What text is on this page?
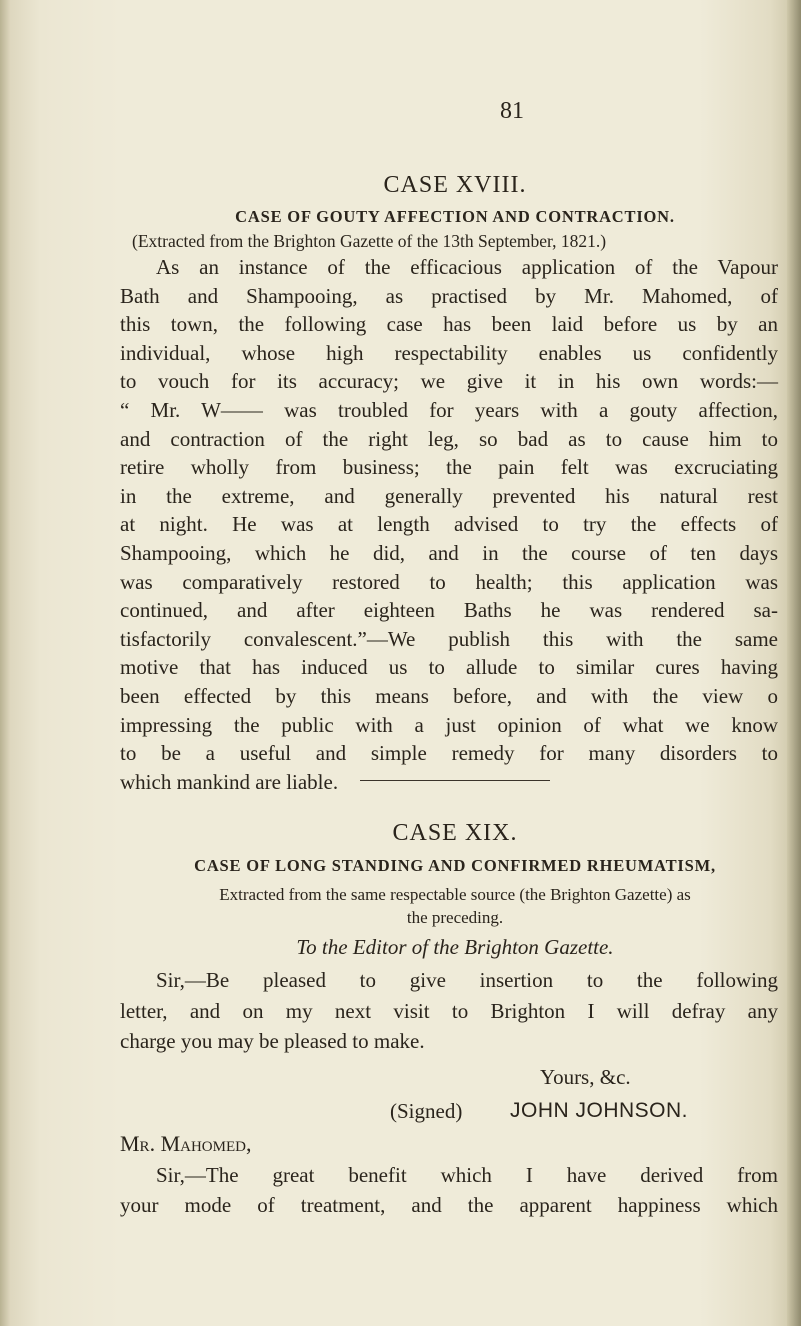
81
CASE XVIII.
CASE OF GOUTY AFFECTION AND CONTRACTION.
(Extracted from the Brighton Gazette of the 13th September, 1821.)
As an instance of the efficacious application of the Vapour
Bath and Shampooing, as practised by Mr. Mahomed, of
this town, the following case has been laid before us by an
individual, whose high respectability enables us confidently
to vouch for its accuracy; we give it in his own words:—
“ Mr. W—— was troubled for years with a gouty affection,
and contraction of the right leg, so bad as to cause him to
retire wholly from business; the pain felt was excruciating
in the extreme, and generally prevented his natural rest
at night. He was at length advised to try the effects of
Shampooing, which he did, and in the course of ten days
was comparatively restored to health; this application was
continued, and after eighteen Baths he was rendered sa-
tisfactorily convalescent.”—We publish this with the same
motive that has induced us to allude to similar cures having
been effected by this means before, and with the view o
impressing the public with a just opinion of what we know
to be a useful and simple remedy for many disorders to
which mankind are liable.
CASE XIX.
CASE OF LONG STANDING AND CONFIRMED RHEUMATISM,
Extracted from the same respectable source (the Brighton Gazette) as
the preceding.
To the Editor of the Brighton Gazette.
Sir,—Be pleased to give insertion to the following
letter, and on my next visit to Brighton I will defray any
charge you may be pleased to make.
Yours, &c.
(Signed) JOHN JOHNSON.
Mr. Mahomed,
Sir,—The great benefit which I have derived from
your mode of treatment, and the apparent happiness which
